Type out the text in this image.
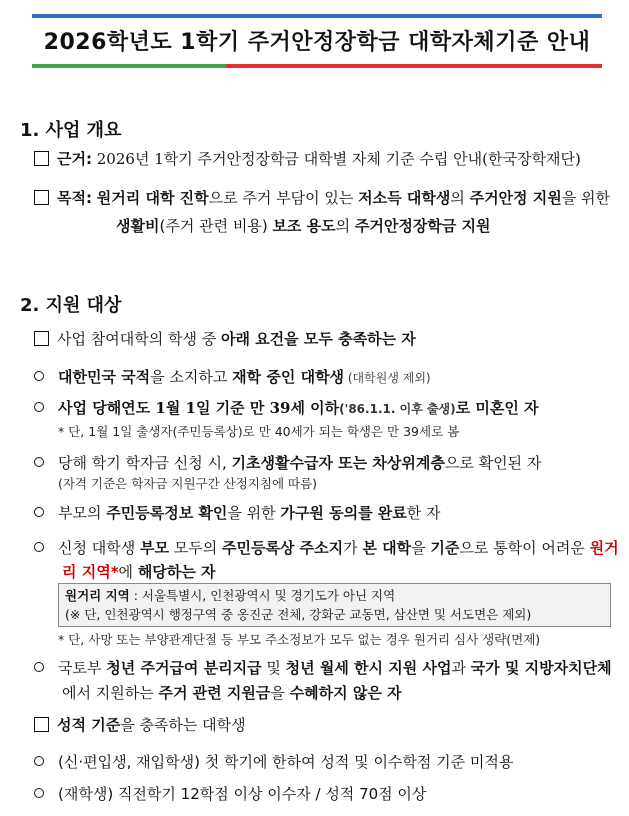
2026학년도 1학기 주거안정장학금 대학자체기준 안내
1. 사업 개요
근거: 2026년 1학기 주거안정장학금 대학별 자체 기준 수립 안내(한국장학재단)
목적: 원거리 대학 진학으로 주거 부담이 있는 저소득 대학생의 주거안정 지원을 위한 생활비(주거 관련 비용) 보조 용도의 주거안정장학금 지원
2. 지원 대상
사업 참여대학의 학생 중 아래 요건을 모두 충족하는 자
대한민국 국적을 소지하고 재학 중인 대학생 (대학원생 제외)
사업 당해연도 1월 1일 기준 만 39세 이하('86.1.1. 이후 출생)로 미혼인 자
* 단, 1월 1일 출생자(주민등록상)로 만 40세가 되는 학생은 만 39세로 봄
당해 학기 학자금 신청 시, 기초생활수급자 또는 차상위계층으로 확인된 자
(자격 기준은 학자금 지원구간 산정지침에 따름)
부모의 주민등록정보 확인을 위한 가구원 동의를 완료한 자
신청 대학생 부모 모두의 주민등록상 주소지가 본 대학을 기준으로 통학이 어려운 원거리 지역*에 해당하는 자
원거리 지역 : 서울특별시, 인천광역시 및 경기도가 아닌 지역
(※ 단, 인천광역시 행정구역 중 옹진군 전체, 강화군 교동면, 삼산면 및 서도면은 제외)
* 단, 사망 또는 부양관계단절 등 부모 주소정보가 모두 없는 경우 원거리 심사 생략(면제)
국토부 청년 주거급여 분리지급 및 청년 월세 한시 지원 사업과 국가 및 지방자치단체에서 지원하는 주거 관련 지원금을 수혜하지 않은 자
성적 기준을 충족하는 대학생
(신·편입생, 재입학생) 첫 학기에 한하여 성적 및 이수학점 기준 미적용
(재학생) 직전학기 12학점 이상 이수자 / 성적 70점 이상
